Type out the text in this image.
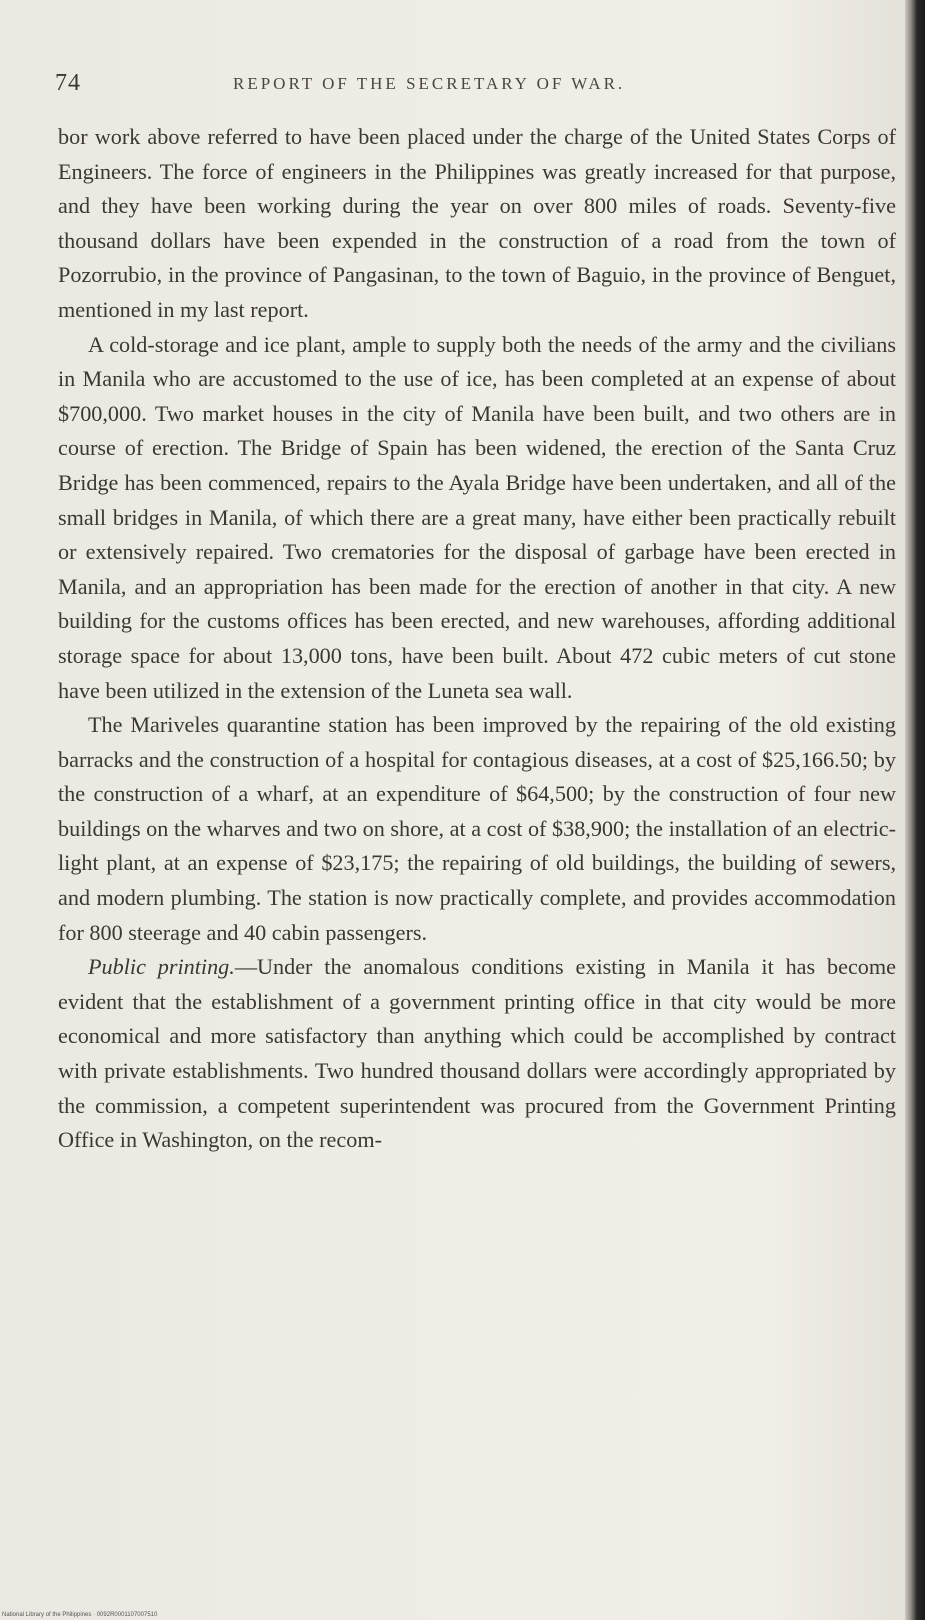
74	REPORT OF THE SECRETARY OF WAR.

bor work above referred to have been placed under the charge of the United States Corps of Engineers. The force of engineers in the Philippines was greatly increased for that purpose, and they have been working during the year on over 800 miles of roads. Seventy-five thousand dollars have been expended in the construction of a road from the town of Pozorrubio, in the province of Pangasinan, to the town of Baguio, in the province of Benguet, mentioned in my last report.

A cold-storage and ice plant, ample to supply both the needs of the army and the civilians in Manila who are accustomed to the use of ice, has been completed at an expense of about $700,000. Two market houses in the city of Manila have been built, and two others are in course of erection. The Bridge of Spain has been widened, the erection of the Santa Cruz Bridge has been commenced, repairs to the Ayala Bridge have been undertaken, and all of the small bridges in Manila, of which there are a great many, have either been practically rebuilt or extensively repaired. Two crematories for the disposal of garbage have been erected in Manila, and an appropriation has been made for the erection of another in that city. A new building for the customs offices has been erected, and new warehouses, affording additional storage space for about 13,000 tons, have been built. About 472 cubic meters of cut stone have been utilized in the extension of the Luneta sea wall.

The Mariveles quarantine station has been improved by the repairing of the old existing barracks and the construction of a hospital for contagious diseases, at a cost of $25,166.50; by the construction of a wharf, at an expenditure of $64,500; by the construction of four new buildings on the wharves and two on shore, at a cost of $38,900; the installation of an electric-light plant, at an expense of $23,175; the repairing of old buildings, the building of sewers, and modern plumbing. The station is now practically complete, and provides accommodation for 800 steerage and 40 cabin passengers.

Public printing.—Under the anomalous conditions existing in Manila it has become evident that the establishment of a government printing office in that city would be more economical and more satisfactory than anything which could be accomplished by contract with private establishments. Two hundred thousand dollars were accordingly appropriated by the commission, a competent superintendent was procured from the Government Printing Office in Washington, on the recom-

National Library of the Philippines · 0092R0001107007510
